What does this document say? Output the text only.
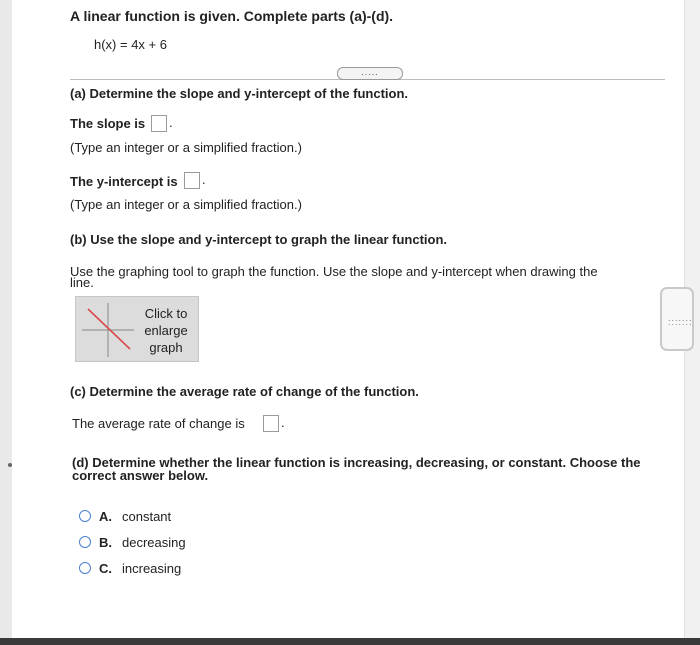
:::::::
A linear function is given. Complete parts (a)-(d).
h(x) = 4x + 6
.....
(a) Determine the slope and y-intercept of the function.
The slope is .
(Type an integer or a simplified fraction.)
The y-intercept is .
(Type an integer or a simplified fraction.)
(b) Use the slope and y-intercept to graph the linear function.
Use the graphing tool to graph the function. Use the slope and y-intercept when drawing the
line.
Click to
enlarge
graph
(c) Determine the average rate of change of the function.
The average rate of change is	.
(d) Determine whether the linear function is increasing, decreasing, or constant. Choose the
correct answer below.
A. constant
B. decreasing
C. increasing
